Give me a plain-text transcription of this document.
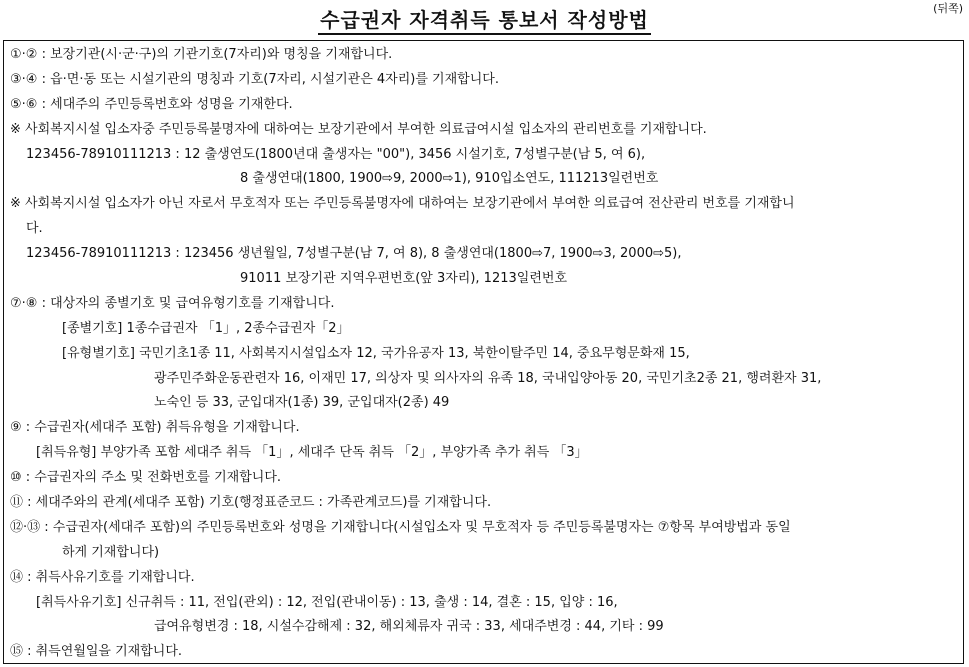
(뒤쪽)
수급권자 자격취득 통보서 작성방법
①·② : 보장기관(시·군·구)의 기관기호(7자리)와 명칭을 기재합니다.
③·④ : 읍·면·동 또는 시설기관의 명칭과 기호(7자리, 시설기관은 4자리)를 기재합니다.
⑤·⑥ : 세대주의 주민등록번호와 성명을 기재한다.
※ 사회복지시설 입소자중 주민등록불명자에 대하여는 보장기관에서 부여한 의료급여시설 입소자의 관리번호를 기재합니다.
123456-78910111213 : 12 출생연도(1800년대 출생자는 "00"), 3456 시설기호, 7성별구분(남 5, 여 6),
8 출생연대(1800, 1900⇨9, 2000⇨1), 910입소연도, 111213일련번호
※ 사회복지시설 입소자가 아닌 자로서 무호적자 또는 주민등록불명자에 대하여는 보장기관에서 부여한 의료급여 전산관리 번호를 기재합니
다.
123456-78910111213 : 123456 생년월일, 7성별구분(남 7, 여 8), 8 출생연대(1800⇨7, 1900⇨3, 2000⇨5),
91011 보장기관 지역우편번호(앞 3자리), 1213일련번호
⑦·⑧ : 대상자의 종별기호 및 급여유형기호를 기재합니다.
[종별기호] 1종수급권자 「1」, 2종수급권자「2」
[유형별기호] 국민기초1종 11, 사회복지시설입소자 12, 국가유공자 13, 북한이탈주민 14, 중요무형문화재 15,
광주민주화운동관련자 16, 이재민 17, 의상자 및 의사자의 유족 18, 국내입양아동 20, 국민기초2종 21, 행려환자 31,
노숙인 등 33, 군입대자(1종) 39, 군입대자(2종) 49
⑨ : 수급권자(세대주 포함) 취득유형을 기재합니다.
[취득유형] 부양가족 포함 세대주 취득 「1」, 세대주 단독 취득 「2」, 부양가족 추가 취득 「3」
⑩ : 수급권자의 주소 및 전화번호를 기재합니다.
⑪ : 세대주와의 관계(세대주 포함) 기호(행정표준코드 : 가족관계코드)를 기재합니다.
⑫·⑬ : 수급권자(세대주 포함)의 주민등록번호와 성명을 기재합니다(시설입소자 및 무호적자 등 주민등록불명자는 ⑦항목 부여방법과 동일
하게 기재합니다)
⑭ : 취득사유기호를 기재합니다.
[취득사유기호] 신규취득 : 11, 전입(관외) : 12, 전입(관내이동) : 13, 출생 : 14, 결혼 : 15, 입양 : 16,
급여유형변경 : 18, 시설수감해제 : 32, 해외체류자 귀국 : 33, 세대주변경 : 44, 기타 : 99
⑮ : 취득연월일을 기재합니다.
